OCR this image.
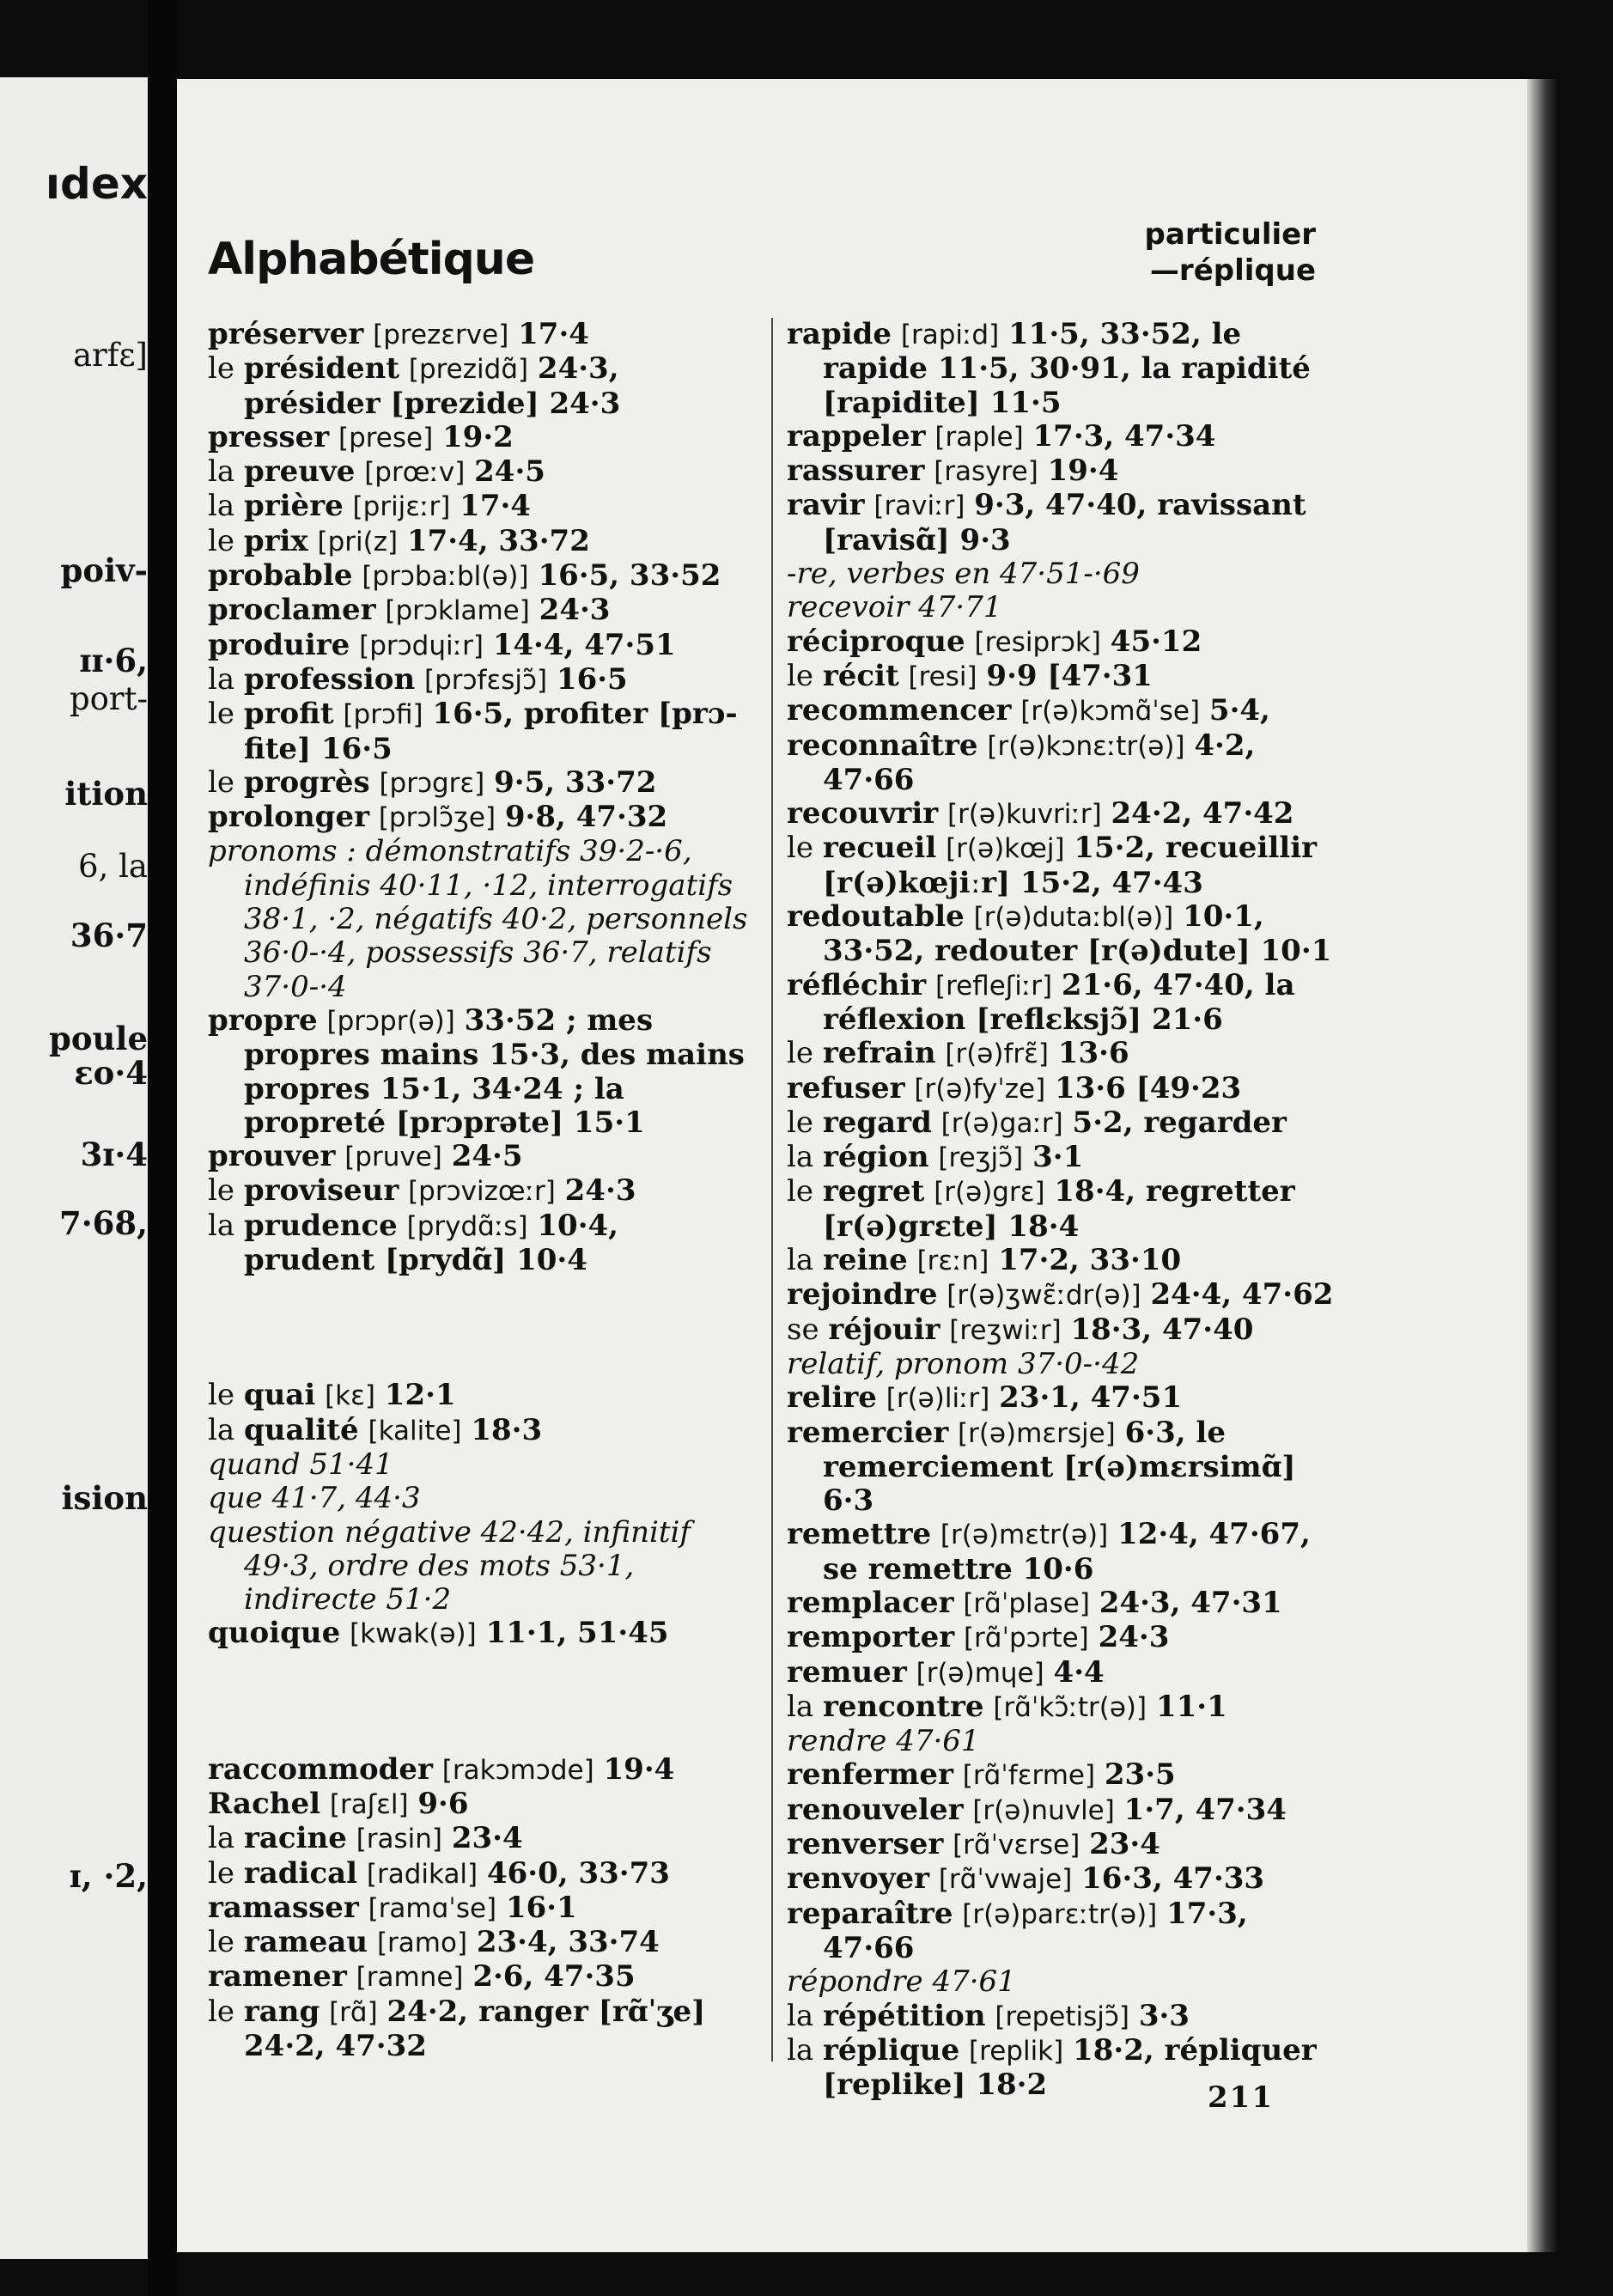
ıdex
arfɛ]
poiv-
ɪɪ·6,
port-
ition
6, la
36·7
poule
ɛo·4
3ɪ·4
7·68,
ision
ɪ, ·2,
Alphabétique	particulier
—réplique

préserver [prezɛrve] 17·4

le président [prezidɑ̃] 24·3, présider [prezide] 24·3

presser [prese] 19·2

la preuve [prœːv] 24·5

la prière [prijɛːr] 17·4

le prix [pri(z] 17·4, 33·72

probable [prɔbaːbl(ə)] 16·5, 33·52

proclamer [prɔklame] 24·3

produire [prɔdɥiːr] 14·4, 47·51

la profession [prɔfɛsjɔ̃] 16·5

le profit [prɔfi] 16·5, profiter [prɔ-fite] 16·5

le progrès [prɔgrɛ] 9·5, 33·72

prolonger [prɔlɔ̃ʒe] 9·8, 47·32

pronoms : démonstratifs 39·2-·6, indéfinis 40·11, ·12, interrogatifs 38·1, ·2, négatifs 40·2, personnels 36·0-·4, possessifs 36·7, relatifs 37·0-·4

propre [prɔpr(ə)] 33·52 ; mes propres mains 15·3, des mains propres 15·1, 34·24 ; la propreté [prɔprəte] 15·1

prouver [pruve] 24·5

le proviseur [prɔvizœːr] 24·3

la prudence [prydɑ̃ːs] 10·4, prudent [prydɑ̃] 10·4

le quai [kɛ] 12·1

la qualité [kalite] 18·3

quand 51·41

que 41·7, 44·3

question négative 42·42, infinitif 49·3, ordre des mots 53·1, indirecte 51·2

quoique [kwak(ə)] 11·1, 51·45

raccommoder [rakɔmɔde] 19·4

Rachel [raʃɛl] 9·6

la racine [rasin] 23·4

le radical [radikal] 46·0, 33·73

ramasser [ramɑˈse] 16·1

le rameau [ramo] 23·4, 33·74

ramener [ramne] 2·6, 47·35

le rang [rɑ̃] 24·2, ranger [rɑ̃ˈʒe] 24·2, 47·32

rapide [rapiːd] 11·5, 33·52, le rapide 11·5, 30·91, la rapidité [rapidite] 11·5

rappeler [raple] 17·3, 47·34

rassurer [rasyre] 19·4

ravir [raviːr] 9·3, 47·40, ravissant [ravisɑ̃] 9·3

-re, verbes en 47·51-·69

recevoir 47·71

réciproque [resiprɔk] 45·12

le récit [resi] 9·9 [47·31

recommencer [r(ə)kɔmɑ̃ˈse] 5·4,

reconnaître [r(ə)kɔnɛːtr(ə)] 4·2, 47·66

recouvrir [r(ə)kuvriːr] 24·2, 47·42

le recueil [r(ə)kœj] 15·2, recueillir [r(ə)kœjiːr] 15·2, 47·43

redoutable [r(ə)dutaːbl(ə)] 10·1, 33·52, redouter [r(ə)dute] 10·1

réfléchir [refleʃiːr] 21·6, 47·40, la réflexion [reflɛksjɔ̃] 21·6

le refrain [r(ə)frɛ̃] 13·6

refuser [r(ə)fyˈze] 13·6 [49·23

le regard [r(ə)gaːr] 5·2, regarder

la région [reʒjɔ̃] 3·1

le regret [r(ə)grɛ] 18·4, regretter [r(ə)grɛte] 18·4

la reine [rɛːn] 17·2, 33·10

rejoindre [r(ə)ʒwɛ̃ːdr(ə)] 24·4, 47·62

se réjouir [reʒwiːr] 18·3, 47·40

relatif, pronom 37·0-·42

relire [r(ə)liːr] 23·1, 47·51

remercier [r(ə)mɛrsje] 6·3, le remerciement [r(ə)mɛrsimɑ̃] 6·3

remettre [r(ə)mɛtr(ə)] 12·4, 47·67, se remettre 10·6

remplacer [rɑ̃ˈplase] 24·3, 47·31

remporter [rɑ̃ˈpɔrte] 24·3

remuer [r(ə)mɥe] 4·4

la rencontre [rɑ̃ˈkɔ̃ːtr(ə)] 11·1

rendre 47·61

renfermer [rɑ̃ˈfɛrme] 23·5

renouveler [r(ə)nuvle] 1·7, 47·34

renverser [rɑ̃ˈvɛrse] 23·4

renvoyer [rɑ̃ˈvwaje] 16·3, 47·33

reparaître [r(ə)parɛːtr(ə)] 17·3, 47·66

répondre 47·61

la répétition [repetisjɔ̃] 3·3

la réplique [replik] 18·2, répliquer [replike] 18·2	211
